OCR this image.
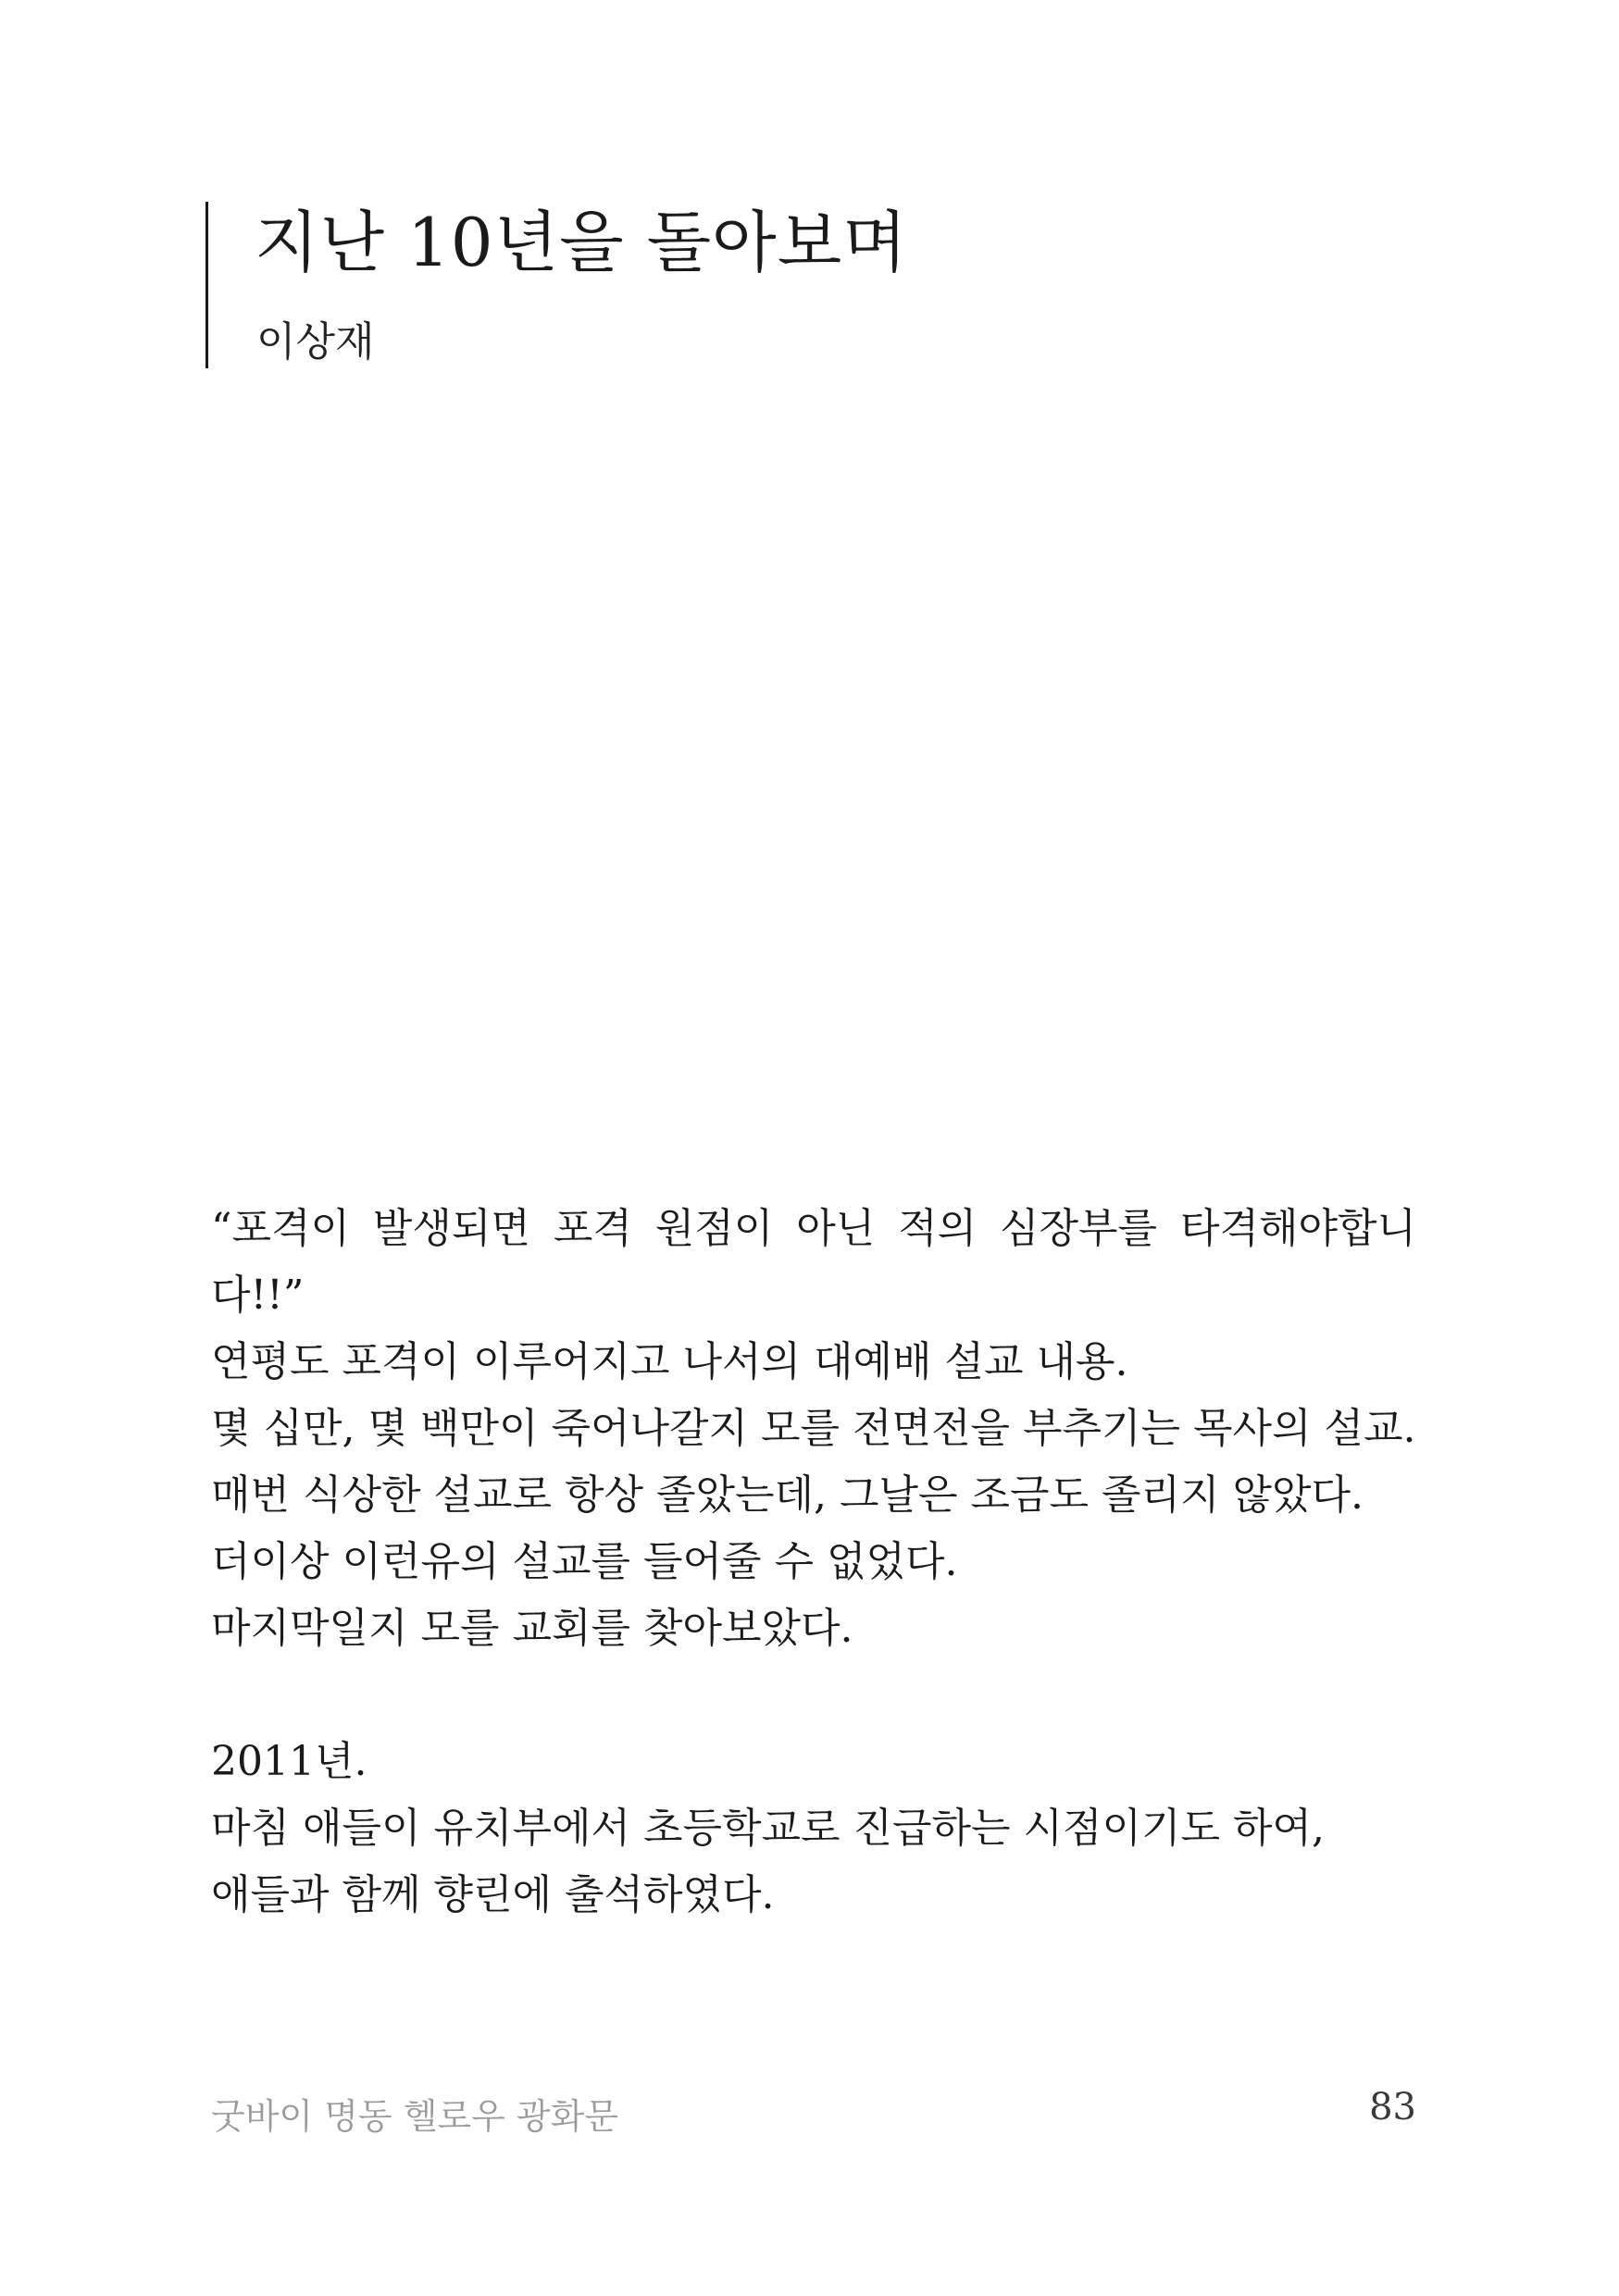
지난 10년을 돌아보며

이상재

“포격이 발생되면 포격 원점이 아닌 적의 심장부를 타격해야합니다!!”

연평도 포격이 이루어지고 나서의 대예배 설교 내용.

몇 십만, 몇 백만이 죽어나갈지 모를 전면전을 부추기는 목사의 설교.

매번 식상한 설교로 항상 졸았는데, 그날은 조금도 졸리지 않았다.

더이상 이런유의 설교를 들어줄 수 없었다.

마지막일지 모를 교회를 찾아보았다.

2011년.

마침 애들이 유치부에서 초등학교로 진급하는 시점이기도 하여,

애들과 함께 향린에 출석하였다.

굿바이 명동 헬로우 광화문	83
